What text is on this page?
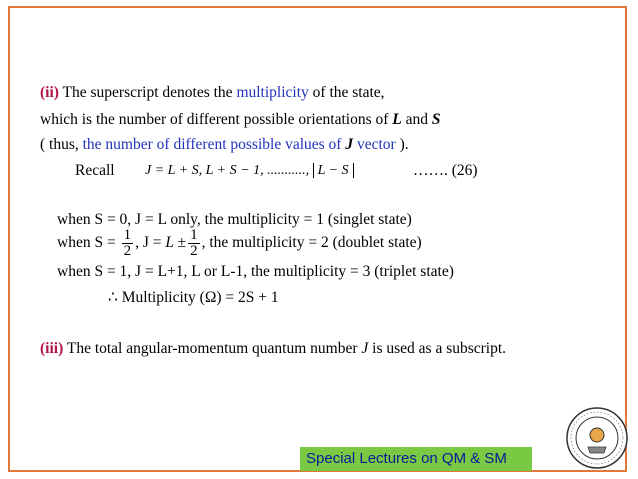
(ii) The superscript denotes the multiplicity of the state,
which is the number of different possible orientations of L and S
( thus, the number of different possible values of J vector ).
Recall J = L + S, L + S − 1, ..........., L − S	……. (26)
when S = 0, J = L only, the multiplicity = 1 (singlet state)
when $S = \frac{1}{2}$ , $J = L \pm \frac{1}{2}$ , the multiplicity = 2 (doublet state)
when S = 1, J = L+1, L or L-1, the multiplicity = 3 (triplet state)
∴ Multiplicity (Ω) = 2S + 1
(iii) The total angular-momentum quantum number J is used as a subscript.
Special Lectures on QM & SM
